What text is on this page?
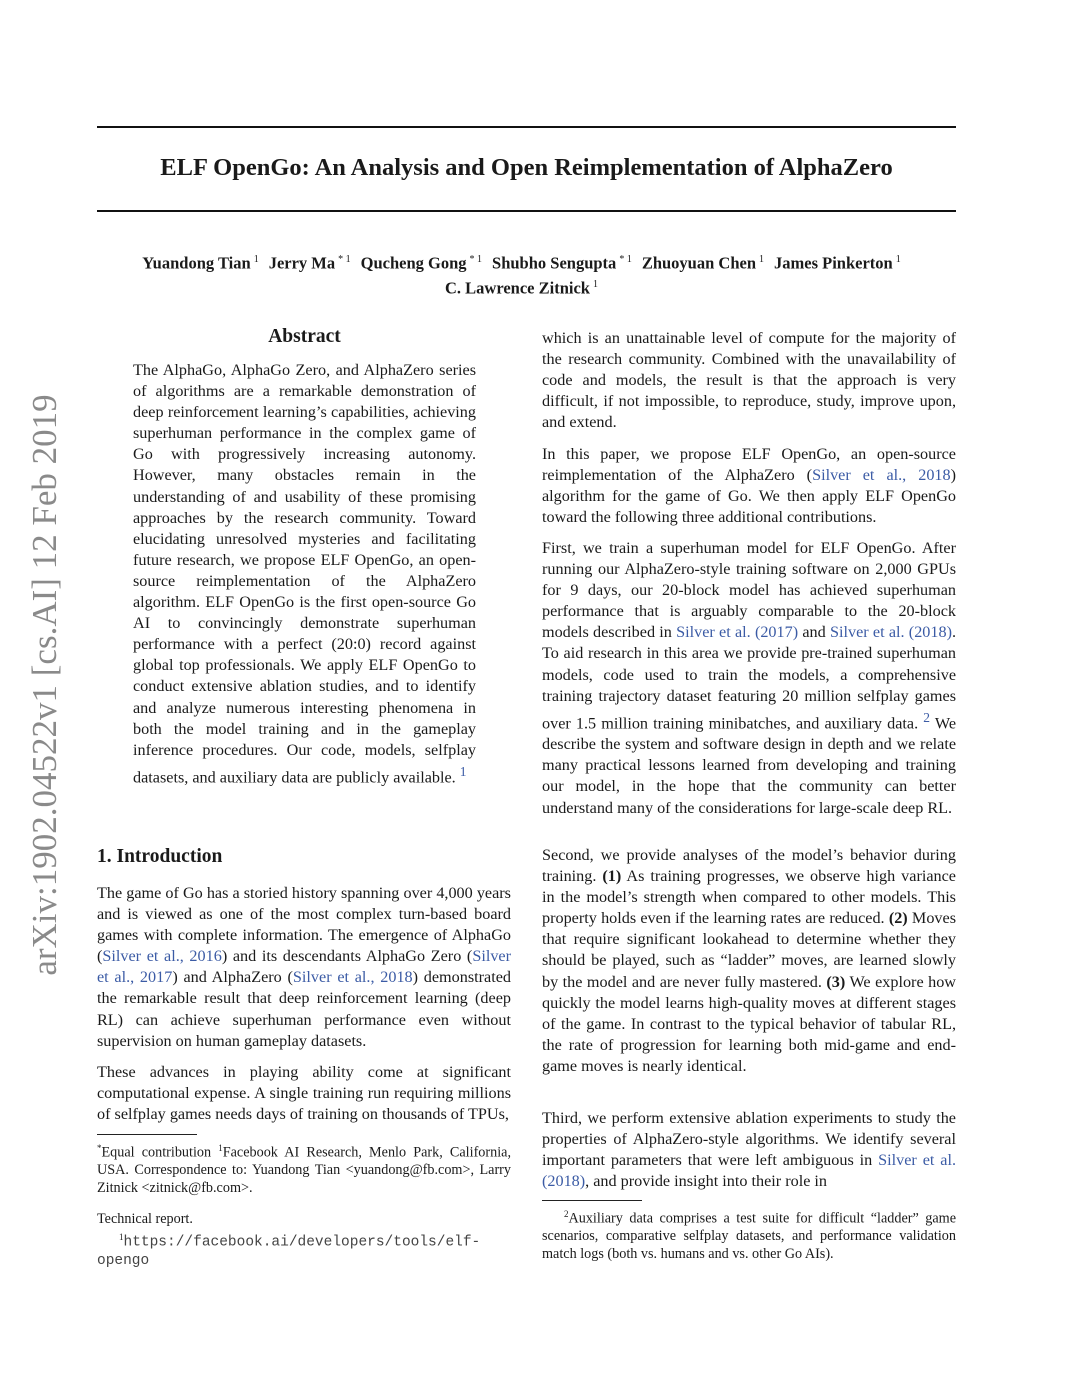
arXiv:1902.04522v1 [cs.AI] 12 Feb 2019
ELF OpenGo: An Analysis and Open Reimplementation of AlphaZero
Yuandong Tian $^1$ Jerry Ma $^{* 1}$ Qucheng Gong $^{* 1}$ Shubho Sengupta $^{* 1}$ Zhuoyuan Chen $^1$ James Pinkerton $^1$
C. Lawrence Zitnick $^1$
Abstract
The AlphaGo, AlphaGo Zero, and AlphaZero series of algorithms are a remarkable demonstration of deep reinforcement learning’s capabilities, achieving superhuman performance in the complex game of Go with progressively increasing autonomy. However, many obstacles remain in the understanding of and usability of these promising approaches by the research community. Toward elucidating unresolved mysteries and facilitating future research, we propose ELF OpenGo, an open-source reimplementation of the AlphaZero algorithm. ELF OpenGo is the first open-source Go AI to convincingly demonstrate superhuman performance with a perfect (20:0) record against global top professionals. We apply ELF OpenGo to conduct extensive ablation studies, and to identify and analyze numerous interesting phenomena in both the model training and in the gameplay inference procedures. Our code, models, selfplay datasets, and auxiliary data are publicly available. $^1$
1. Introduction
The game of Go has a storied history spanning over 4,000 years and is viewed as one of the most complex turn-based board games with complete information. The emergence of AlphaGo (Silver et al., 2016) and its descendants AlphaGo Zero (Silver et al., 2017) and AlphaZero (Silver et al., 2018) demonstrated the remarkable result that deep reinforcement learning (deep RL) can achieve superhuman performance even without supervision on human gameplay datasets.
These advances in playing ability come at significant computational expense. A single training run requiring millions of selfplay games needs days of training on thousands of TPUs,
*Equal contribution $^1$Facebook AI Research, Menlo Park, California, USA. Correspondence to: Yuandong Tian <yuandong@fb.com>, Larry Zitnick <zitnick@fb.com>.
Technical report.
$^1$https://facebook.ai/developers/tools/elf-opengo
which is an unattainable level of compute for the majority of the research community. Combined with the unavailability of code and models, the result is that the approach is very difficult, if not impossible, to reproduce, study, improve upon, and extend.
In this paper, we propose ELF OpenGo, an open-source reimplementation of the AlphaZero (Silver et al., 2018) algorithm for the game of Go. We then apply ELF OpenGo toward the following three additional contributions.
First, we train a superhuman model for ELF OpenGo. After running our AlphaZero-style training software on 2,000 GPUs for 9 days, our 20-block model has achieved superhuman performance that is arguably comparable to the 20-block models described in Silver et al. (2017) and Silver et al. (2018). To aid research in this area we provide pre-trained superhuman models, code used to train the models, a comprehensive training trajectory dataset featuring 20 million selfplay games over 1.5 million training minibatches, and auxiliary data. $^2$ We describe the system and software design in depth and we relate many practical lessons learned from developing and training our model, in the hope that the community can better understand many of the considerations for large-scale deep RL.
Second, we provide analyses of the model’s behavior during training. (1) As training progresses, we observe high variance in the model’s strength when compared to other models. This property holds even if the learning rates are reduced. (2) Moves that require significant lookahead to determine whether they should be played, such as “ladder” moves, are learned slowly by the model and are never fully mastered. (3) We explore how quickly the model learns high-quality moves at different stages of the game. In contrast to the typical behavior of tabular RL, the rate of progression for learning both mid-game and end-game moves is nearly identical.
Third, we perform extensive ablation experiments to study the properties of AlphaZero-style algorithms. We identify several important parameters that were left ambiguous in Silver et al. (2018), and provide insight into their role in
$^2$Auxiliary data comprises a test suite for difficult “ladder” game scenarios, comparative selfplay datasets, and performance validation match logs (both vs. humans and vs. other Go AIs).
